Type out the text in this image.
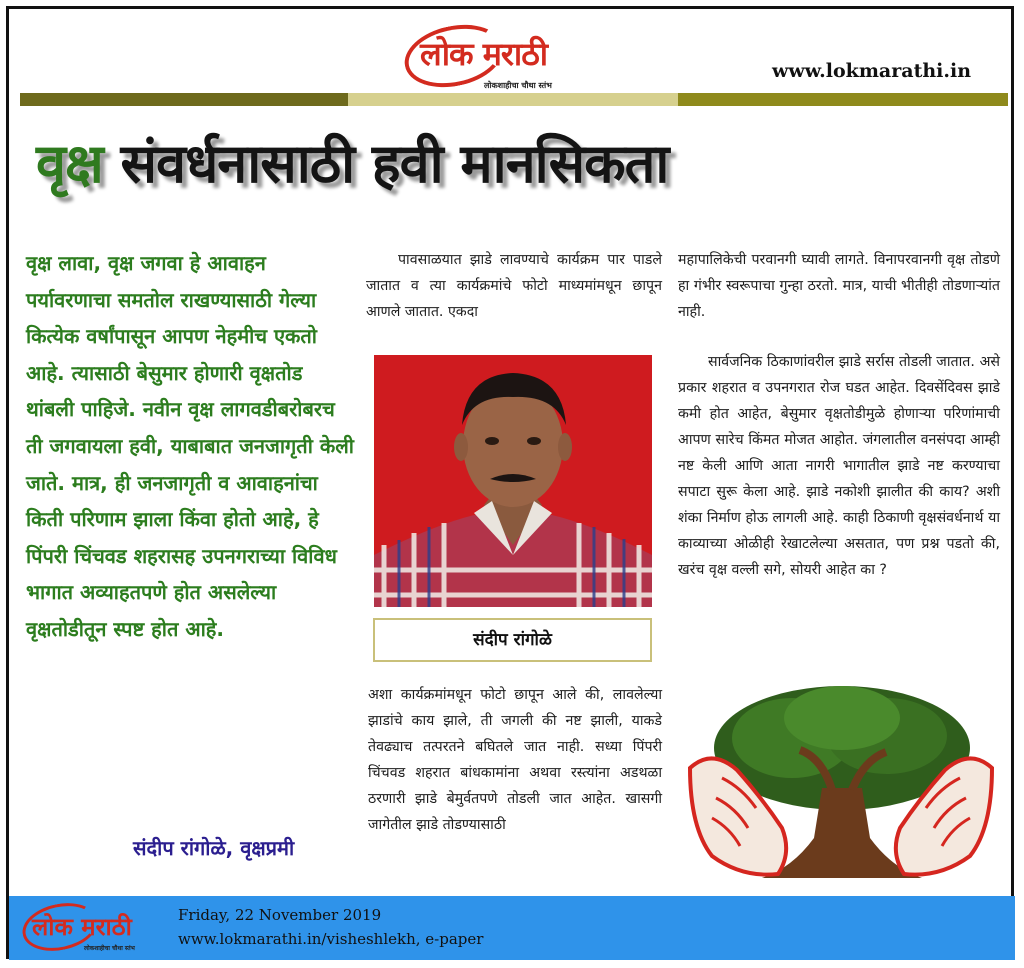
लोक मराठी
लोकशाहीचा चौथा स्तंभ
www.lokmarathi.in
वृक्ष संवर्धनासाठी हवी मानसिकता
वृक्ष लावा, वृक्ष जगवा हे आवाहन पर्यावरणाचा समतोल राखण्यासाठी गेल्या कित्येक वर्षांपासून आपण नेहमीच एकतो आहे. त्यासाठी बेसुमार होणारी वृक्षतोड थांबली पाहिजे. नवीन वृक्ष लागवडीबरोबरच ती जगवायला हवी, याबाबात जनजागृती केली जाते. मात्र, ही जनजागृती व आवाहनांचा किती परिणाम झाला किंवा होतो आहे, हे पिंपरी चिंचवड शहरासह उपनगराच्या विविध भागात अव्याहतपणे होत असलेल्या वृक्षतोडीतून स्पष्ट होत आहे.
संदीप रांगोळे, वृक्षप्रमी
पावसाळयात झाडे लावण्याचे कार्यक्रम पार पाडले जातात व त्या कार्यक्रमांचे फोटो माध्यमांमधून छापून आणले जातात. एकदा
संदीप रांगोळे
अशा कार्यक्रमांमधून फोटो छापून आले की, लावलेल्या झाडांचे काय झाले, ती जगली की नष्ट झाली, याकडे तेवढ्याच तत्परतने बघितले जात नाही. सध्या पिंपरी चिंचवड शहरात बांधकामांना अथवा रस्त्यांना अडथळा ठरणारी झाडे बेमुर्वतपणे तोडली जात आहेत. खासगी जागेतील झाडे तोडण्यासाठी
महापालिकेची परवानगी घ्यावी लागते. विनापरवानगी वृक्ष तोडणे हा गंभीर स्वरूपाचा गुन्हा ठरतो. मात्र, याची भीतीही तोडणाऱ्यांत नाही.
सार्वजनिक ठिकाणांवरील झाडे सर्रास तोडली जातात. असे प्रकार शहरात व उपनगरात रोज घडत आहेत. दिवसेंदिवस झाडे कमी होत आहेत, बेसुमार वृक्षतोडीमुळे होणाऱ्या परिणांमाची आपण सारेच किंमत मोजत आहोत. जंगलातील वनसंपदा आम्ही नष्ट केली आणि आता नागरी भागातील झाडे नष्ट करण्याचा सपाटा सुरू केला आहे. झाडे नकोशी झालीत की काय? अशी शंका निर्माण होऊ लागली आहे. काही ठिकाणी वृक्षसंवर्धनार्थ या काव्याच्या ओळीही रेखाटलेल्या असतात, पण प्रश्न पडतो की, खरंच वृक्ष वल्ली सगे, सोयरी आहेत का ?
लोक मराठी
लोकशाहीचा चौथा स्तंभ
Friday, 22 November 2019
www.lokmarathi.in/visheshlekh, e-paper
